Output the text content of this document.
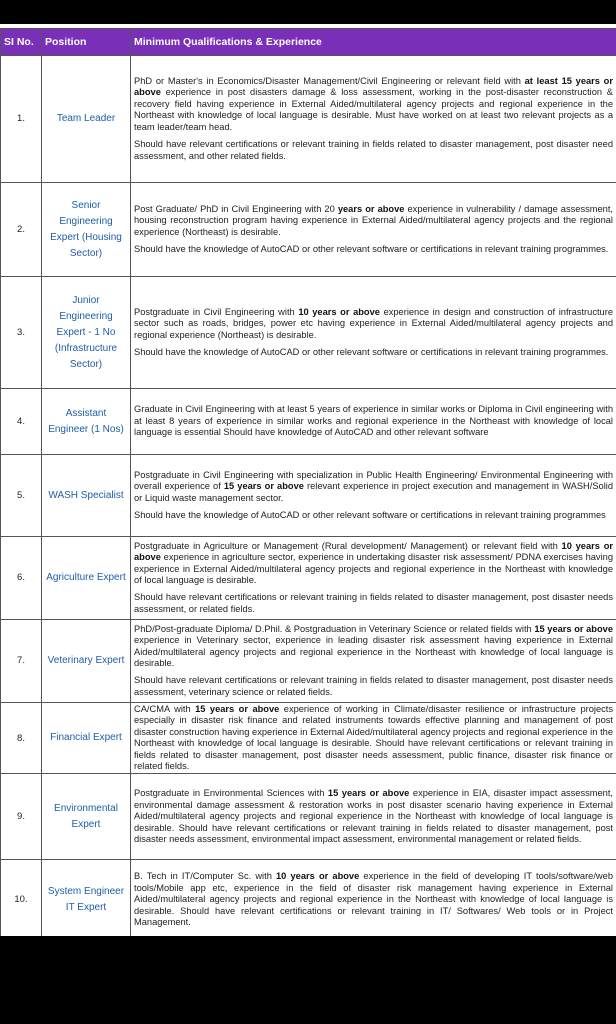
SI No.	Position	Minimum Qualifications & Experience
1.	Team Leader	PhD or Master's in Economics/Disaster Management/Civil Engineering or relevant field with at least 15 years or above experience in post disasters damage & loss assessment, working in the post-disaster reconstruction & recovery field having experience in External Aided/multilateral agency projects and regional experience in the Northeast with knowledge of local language is desirable. Must have worked on at least two relevant projects as a team leader/team head.

Should have relevant certifications or relevant training in fields related to disaster management, post disaster need assessment, and other related fields.

2.	Senior Engineering Expert (Housing Sector)	Post Graduate/ PhD in Civil Engineering with 20 years or above experience in vulnerability / damage assessment, housing reconstruction program having experience in External Aided/multilateral agency projects and the regional experience (Northeast) is desirable.

Should have the knowledge of AutoCAD or other relevant software or certifications in relevant training programmes.

3.	Junior Engineering Expert - 1 No (Infrastructure Sector)	Postgraduate in Civil Engineering with 10 years or above experience in design and construction of infrastructure sector such as roads, bridges, power etc having experience in External Aided/multilateral agency projects and regional experience (Northeast) is desirable.

Should have the knowledge of AutoCAD or other relevant software or certifications in relevant training programmes.

4.	Assistant Engineer (1 Nos)	Graduate in Civil Engineering with at least 5 years of experience in similar works or Diploma in Civil engineering with at least 8 years of experience in similar works and regional experience in the Northeast with knowledge of local language is essential Should have knowledge of AutoCAD and other relevant software

5.	WASH Specialist	Postgraduate in Civil Engineering with specialization in Public Health Engineering/ Environmental Engineering with overall experience of 15 years or above relevant experience in project execution and management in WASH/Solid or Liquid waste management sector.

Should have the knowledge of AutoCAD or other relevant software or certifications in relevant training programmes

6.	Agriculture Expert	Postgraduate in Agriculture or Management (Rural development/ Management) or relevant field with 10 years or above experience in agriculture sector, experience in undertaking disaster risk assessment/ PDNA exercises having experience in External Aided/multilateral agency projects and regional experience in the Northeast with knowledge of local language is desirable.

Should have relevant certifications or relevant training in fields related to disaster management, post disaster needs assessment, or related fields.

7.	Veterinary Expert	PhD/Post-graduate Diploma/ D.Phil. & Postgraduation in Veterinary Science or related fields with 15 years or above experience in Veterinary sector, experience in leading disaster risk assessment having experience in External Aided/multilateral agency projects and regional experience in the Northeast with knowledge of local language is desirable.

Should have relevant certifications or relevant training in fields related to disaster management, post disaster needs assessment, veterinary science or related fields.

8.	Financial Expert	CA/CMA with 15 years or above experience of working in Climate/disaster resilience or infrastructure projects especially in disaster risk finance and related instruments towards effective planning and management of post disaster construction having experience in External Aided/multilateral agency projects and regional experience in the Northeast with knowledge of local language is desirable. Should have relevant certifications or relevant training in fields related to disaster management, post disaster needs assessment, public finance, disaster risk finance or related fields.

9.	Environmental Expert	Postgraduate in Environmental Sciences with 15 years or above experience in EIA, disaster impact assessment, environmental damage assessment & restoration works in post disaster scenario having experience in External Aided/multilateral agency projects and regional experience in the Northeast with knowledge of local language is desirable. Should have relevant certifications or relevant training in fields related to disaster management, post disaster needs assessment, environmental impact assessment, environmental management or related fields.

10.	System Engineer IT Expert	B. Tech in IT/Computer Sc. with 10 years or above experience in the field of developing IT tools/software/web tools/Mobile app etc, experience in the field of disaster risk management having experience in External Aided/multilateral agency projects and regional experience in the Northeast with knowledge of local language is desirable. Should have relevant certifications or relevant training in IT/ Softwares/ Web tools or in Project Management.
